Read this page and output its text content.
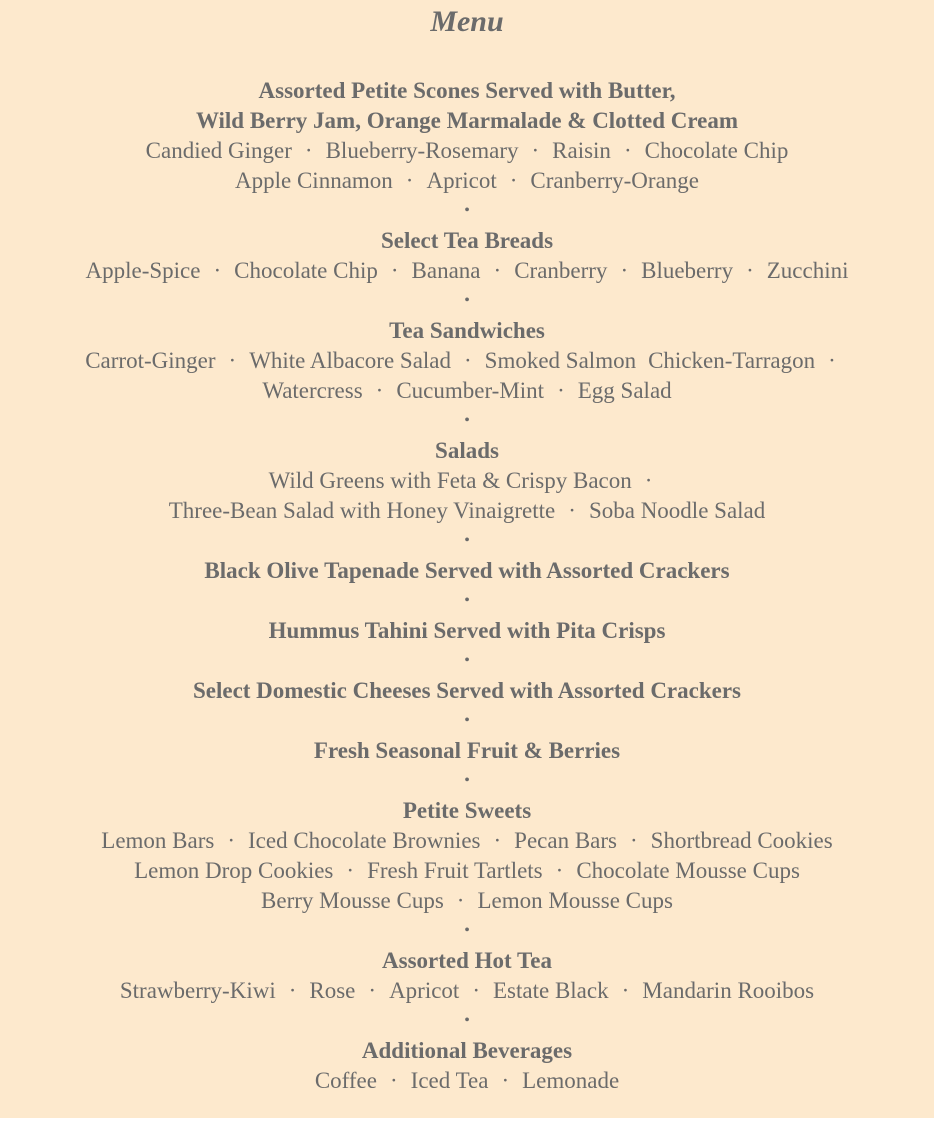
Menu
Assorted Petite Scones Served with Butter,
Wild Berry Jam, Orange Marmalade & Clotted Cream
Candied Ginger · Blueberry-Rosemary · Raisin · Chocolate Chip
Apple Cinnamon · Apricot · Cranberry-Orange
•
Select Tea Breads
Apple-Spice · Chocolate Chip · Banana · Cranberry · Blueberry · Zucchini
•
Tea Sandwiches
Carrot-Ginger · White Albacore Salad · Smoked Salmon Chicken-Tarragon ·
Watercress · Cucumber-Mint · Egg Salad
•
Salads
Wild Greens with Feta & Crispy Bacon ·
Three-Bean Salad with Honey Vinaigrette · Soba Noodle Salad
•
Black Olive Tapenade Served with Assorted Crackers
•
Hummus Tahini Served with Pita Crisps
•
Select Domestic Cheeses Served with Assorted Crackers
•
Fresh Seasonal Fruit & Berries
•
Petite Sweets
Lemon Bars · Iced Chocolate Brownies · Pecan Bars · Shortbread Cookies
Lemon Drop Cookies · Fresh Fruit Tartlets · Chocolate Mousse Cups
Berry Mousse Cups · Lemon Mousse Cups
•
Assorted Hot Tea
Strawberry-Kiwi · Rose · Apricot · Estate Black · Mandarin Rooibos
•
Additional Beverages
Coffee · Iced Tea · Lemonade
